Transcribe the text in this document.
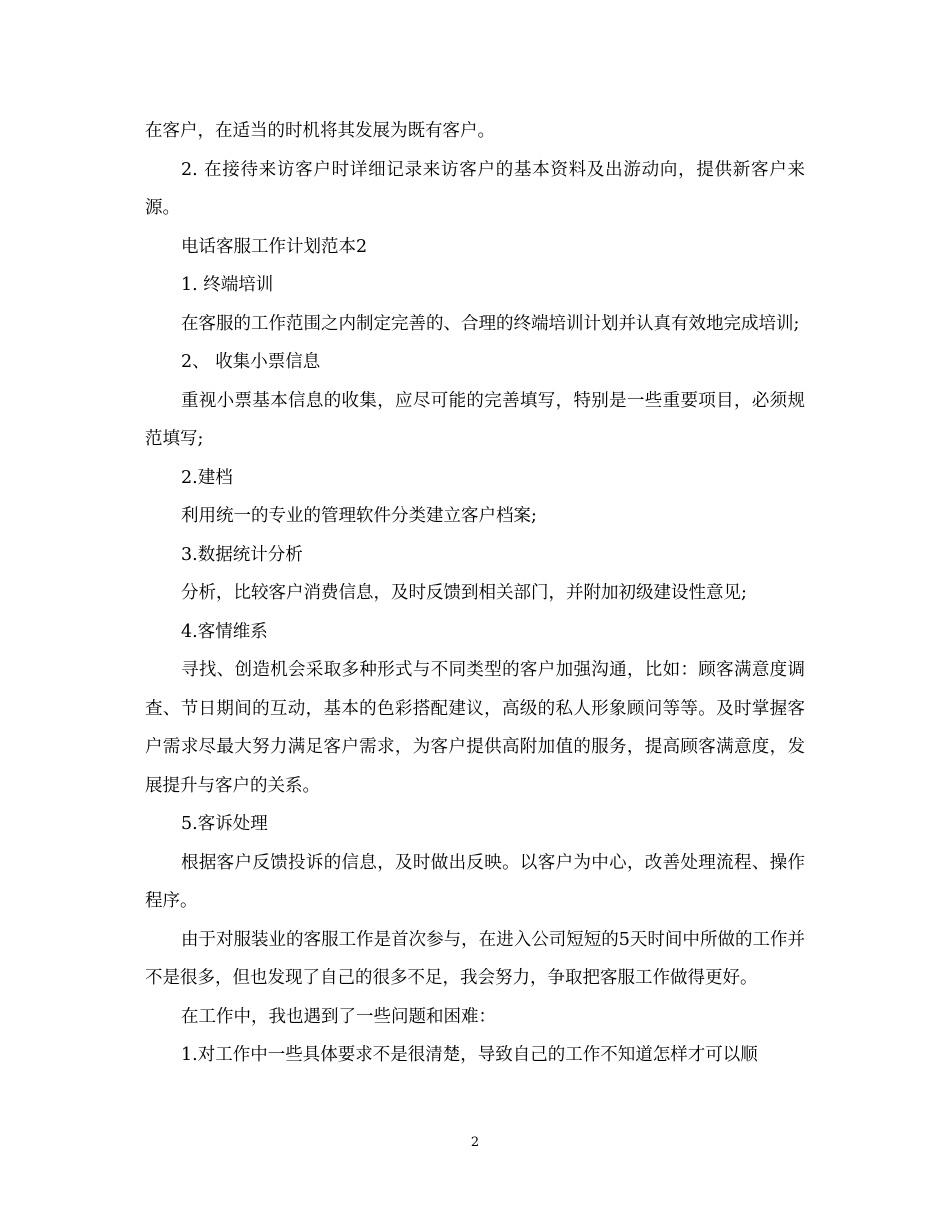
在客户，在适当的时机将其发展为既有客户。

2. 在接待来访客户时详细记录来访客户的基本资料及出游动向，提供新客户来源。

电话客服工作计划范本2

1. 终端培训

在客服的工作范围之内制定完善的、合理的终端培训计划并认真有效地完成培训;

2、 收集小票信息

重视小票基本信息的收集，应尽可能的完善填写，特别是一些重要项目，必须规范填写;

2.建档

利用统一的专业的管理软件分类建立客户档案;

3.数据统计分析

分析，比较客户消费信息，及时反馈到相关部门，并附加初级建设性意见;

4.客情维系

寻找、创造机会采取多种形式与不同类型的客户加强沟通，比如：顾客满意度调查、节日期间的互动，基本的色彩搭配建议，高级的私人形象顾问等等。及时掌握客户需求尽最大努力满足客户需求，为客户提供高附加值的服务，提高顾客满意度，发展提升与客户的关系。

5.客诉处理

根据客户反馈投诉的信息，及时做出反映。以客户为中心，改善处理流程、操作程序。

由于对服装业的客服工作是首次参与，在进入公司短短的5天时间中所做的工作并不是很多，但也发现了自己的很多不足，我会努力，争取把客服工作做得更好。

在工作中，我也遇到了一些问题和困难：

1.对工作中一些具体要求不是很清楚，导致自己的工作不知道怎样才可以顺

2
